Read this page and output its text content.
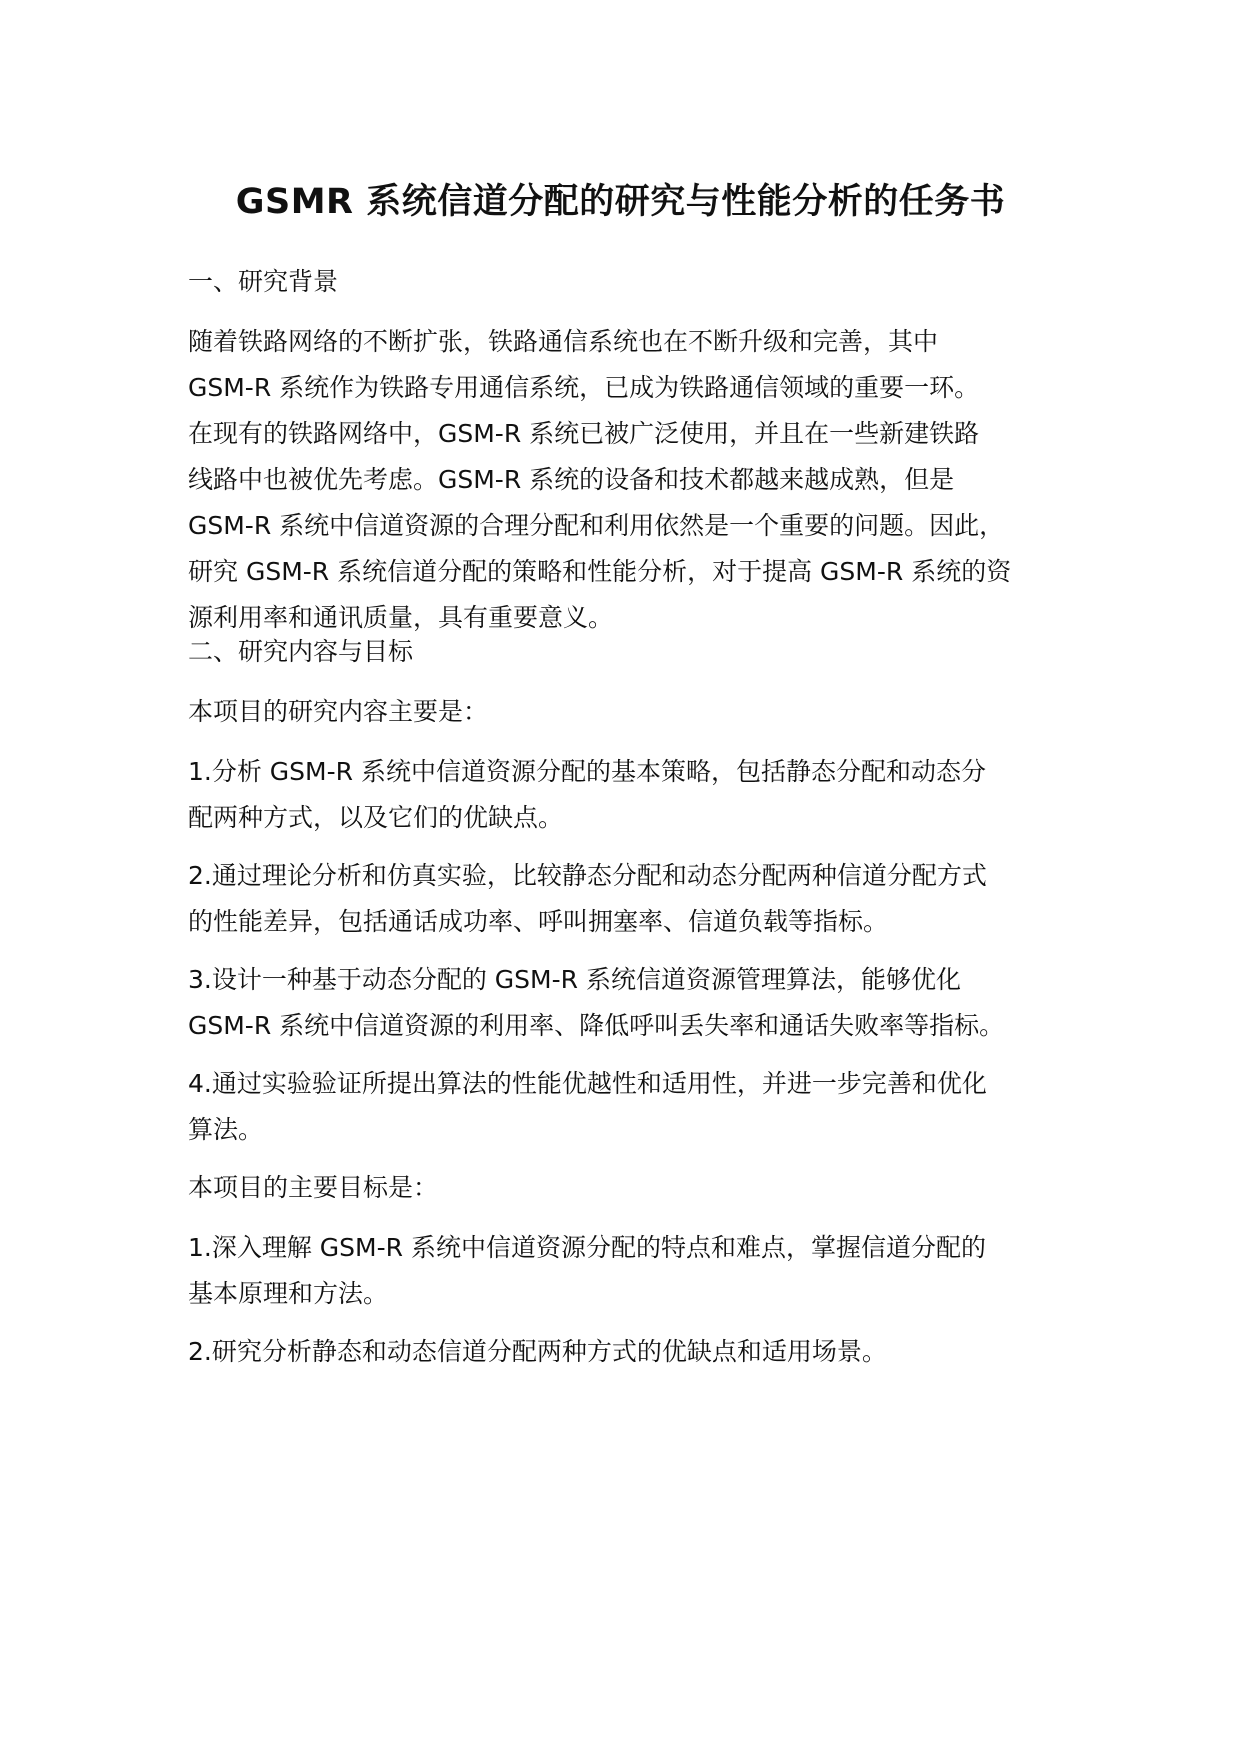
GSMR 系统信道分配的研究与性能分析的任务书
一、研究背景
随着铁路网络的不断扩张，铁路通信系统也在不断升级和完善，其中
GSM-R 系统作为铁路专用通信系统，已成为铁路通信领域的重要一环。
在现有的铁路网络中，GSM-R 系统已被广泛使用，并且在一些新建铁路
线路中也被优先考虑。GSM-R 系统的设备和技术都越来越成熟，但是
GSM-R 系统中信道资源的合理分配和利用依然是一个重要的问题。因此，
研究 GSM-R 系统信道分配的策略和性能分析，对于提高 GSM-R 系统的资
源利用率和通讯质量，具有重要意义。
二、研究内容与目标
本项目的研究内容主要是：
1.分析 GSM-R 系统中信道资源分配的基本策略，包括静态分配和动态分
配两种方式，以及它们的优缺点。
2.通过理论分析和仿真实验，比较静态分配和动态分配两种信道分配方式
的性能差异，包括通话成功率、呼叫拥塞率、信道负载等指标。
3.设计一种基于动态分配的 GSM-R 系统信道资源管理算法，能够优化
GSM-R 系统中信道资源的利用率、降低呼叫丢失率和通话失败率等指标。
4.通过实验验证所提出算法的性能优越性和适用性，并进一步完善和优化
算法。
本项目的主要目标是：
1.深入理解 GSM-R 系统中信道资源分配的特点和难点，掌握信道分配的
基本原理和方法。
2.研究分析静态和动态信道分配两种方式的优缺点和适用场景。
